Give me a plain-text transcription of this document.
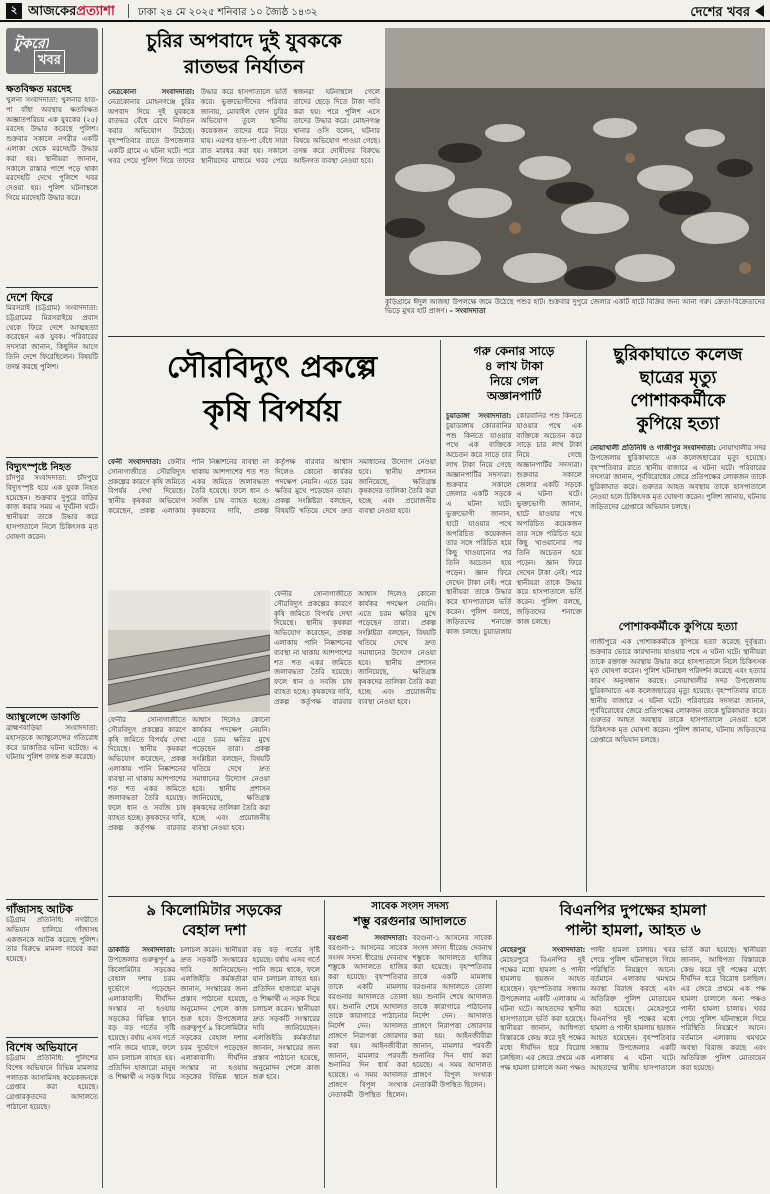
২ আজকেরপ্রত্যাশা ঢাকা ২৪ মে ২০২৫ শনিবার ১০ জ্যৈষ্ঠ ১৪৩২	দেশের খবর
টুকরো
খবর
ক্ষতবিক্ষত মরদেহ
খুলনা সংবাদদাতা: খুলনার হাত-পা বাঁধা অবস্থায় ক্ষতবিক্ষত অজ্ঞাতপরিচয় এক যুবকের (২৫) মরদেহ উদ্ধার করেছে পুলিশ। শুক্রবার সকালে নগরীর একটি এলাকা থেকে মরদেহটি উদ্ধার করা হয়। স্থানীয়রা জানান, সকালে রাস্তার পাশে পড়ে থাকা মরদেহটি দেখে পুলিশে খবর দেওয়া হয়। পুলিশ ঘটনাস্থলে গিয়ে মরদেহটি উদ্ধার করে।
দেশে ফিরে
মিরসরাই (চট্টগ্রাম) সংবাদদাতা: চট্টগ্রামের মিরসরাইয়ে প্রবাস থেকে ফিরে দেশে আত্মহত্যা করেছেন এক যুবক। পরিবারের সদস্যরা জানান, কিছুদিন আগে তিনি দেশে ফিরেছিলেন। বিষয়টি তদন্ত করছে পুলিশ।
বিদ্যুৎস্পৃষ্টে নিহত
চাঁদপুর সংবাদদাতা: চাঁদপুরে বিদ্যুৎস্পৃষ্ট হয়ে এক যুবক নিহত হয়েছেন। শুক্রবার দুপুরে বাড়ির কাজ করার সময় এ দুর্ঘটনা ঘটে। স্থানীয়রা তাকে উদ্ধার করে হাসপাতালে নিলে চিকিৎসক মৃত ঘোষণা করেন।
অ্যাম্বুলেন্সে ডাকাতি
ব্রাহ্মণবাড়িয়া সংবাদদাতা: মহাসড়কে অ্যাম্বুলেন্সের গতিরোধ করে ডাকাতির ঘটনা ঘটেছে। এ ঘটনায় পুলিশ তদন্ত শুরু করেছে।
গাঁজাসহ আটক
চট্টগ্রাম প্রতিনিধি: নগরীতে অভিযান চালিয়ে গাঁজাসহ একজনকে আটক করেছে পুলিশ। তার বিরুদ্ধে মামলা দায়ের করা হয়েছে।
বিশেষ অভিযানে
চট্টগ্রাম প্রতিনিধি: পুলিশের বিশেষ অভিযানে বিভিন্ন মামলার পলাতক আসামিসহ কয়েকজনকে গ্রেপ্তার করা হয়েছে। গ্রেপ্তারকৃতদের আদালতে পাঠানো হয়েছে।
চুরির অপবাদে দুই যুবককে
রাতভর নির্যাতন
নেত্রকোনা সংবাদদাতা: নেত্রকোনার মোহনগঞ্জে চুরির অপবাদ দিয়ে দুই যুবককে রাতভর বেঁধে রেখে নির্যাতন করার অভিযোগ উঠেছে। বৃহস্পতিবার রাতে উপজেলার একটি গ্রামে এ ঘটনা ঘটে। পরে খবর পেয়ে পুলিশ গিয়ে তাদের উদ্ধার করে হাসপাতালে ভর্তি করে। ভুক্তভোগীদের পরিবার জানায়, মোবাইল ফোন চুরির অভিযোগ তুলে স্থানীয় কয়েকজন তাদের ধরে নিয়ে যায়। এরপর হাত-পা বেঁধে সারা রাত মারধর করা হয়। সকালে স্থানীয়দের মাধ্যমে খবর পেয়ে স্বজনরা ঘটনাস্থলে গেলে তাদের ছেড়ে দিতে টাকা দাবি করা হয়। পরে পুলিশ এসে তাদের উদ্ধার করে। মোহনগঞ্জ থানার ওসি বলেন, ঘটনার বিষয়ে অভিযোগ পাওয়া গেছে। তদন্ত করে দোষীদের বিরুদ্ধে আইনগত ব্যবস্থা নেওয়া হবে।
কুড়িগ্রামে ঈদুল আজহা উপলক্ষে জমে উঠেছে পশুর হাট। শুক্রবার দুপুরে জেলার একটি হাটে বিক্রির জন্য আনা গরু। ক্রেতা-বিক্রেতাদের ভিড়ে মুখর হাট প্রাঙ্গণ। – সংবাদদাতা
সৌরবিদ্যুৎ প্রকল্পে
কৃষি বিপর্যয়
ফেনী সংবাদদাতা: ফেনীর সোনাগাজীতে সৌরবিদ্যুৎ প্রকল্পের কারণে কৃষি জমিতে বিপর্যয় দেখা দিয়েছে। স্থানীয় কৃষকরা অভিযোগ করেছেন, প্রকল্প এলাকায় পানি নিষ্কাশনের ব্যবস্থা না থাকায় আশপাশের শত শত একর জমিতে জলাবদ্ধতা তৈরি হয়েছে। ফলে ধান ও সবজি চাষ ব্যাহত হচ্ছে। কৃষকদের দাবি, প্রকল্প কর্তৃপক্ষ বারবার আশ্বাস দিলেও কোনো কার্যকর পদক্ষেপ নেয়নি। এতে চরম ক্ষতির মুখে পড়েছেন তারা। প্রকল্প সংশ্লিষ্টরা বলছেন, বিষয়টি খতিয়ে দেখে দ্রুত সমাধানের উদ্যোগ নেওয়া হবে। স্থানীয় প্রশাসন জানিয়েছে, ক্ষতিগ্রস্ত কৃষকদের তালিকা তৈরি করা হচ্ছে এবং প্রয়োজনীয় ব্যবস্থা নেওয়া হবে।
ফেনীর সোনাগাজীতে সৌরবিদ্যুৎ প্রকল্পের কারণে কৃষি জমিতে বিপর্যয় দেখা দিয়েছে। স্থানীয় কৃষকরা অভিযোগ করেছেন, প্রকল্প এলাকায় পানি নিষ্কাশনের ব্যবস্থা না থাকায় আশপাশের শত শত একর জমিতে জলাবদ্ধতা তৈরি হয়েছে। ফলে ধান ও সবজি চাষ ব্যাহত হচ্ছে। কৃষকদের দাবি, প্রকল্প কর্তৃপক্ষ বারবার আশ্বাস দিলেও কোনো কার্যকর পদক্ষেপ নেয়নি। এতে চরম ক্ষতির মুখে পড়েছেন তারা। প্রকল্প সংশ্লিষ্টরা বলছেন, বিষয়টি খতিয়ে দেখে দ্রুত সমাধানের উদ্যোগ নেওয়া হবে। স্থানীয় প্রশাসন জানিয়েছে, ক্ষতিগ্রস্ত কৃষকদের তালিকা তৈরি করা হচ্ছে এবং প্রয়োজনীয় ব্যবস্থা নেওয়া হবে।
ফেনীর সোনাগাজীতে সৌরবিদ্যুৎ প্রকল্পের কারণে কৃষি জমিতে বিপর্যয় দেখা দিয়েছে। স্থানীয় কৃষকরা অভিযোগ করেছেন, প্রকল্প এলাকায় পানি নিষ্কাশনের ব্যবস্থা না থাকায় আশপাশের শত শত একর জমিতে জলাবদ্ধতা তৈরি হয়েছে। ফলে ধান ও সবজি চাষ ব্যাহত হচ্ছে। কৃষকদের দাবি, প্রকল্প কর্তৃপক্ষ বারবার আশ্বাস দিলেও কোনো কার্যকর পদক্ষেপ নেয়নি। এতে চরম ক্ষতির মুখে পড়েছেন তারা। প্রকল্প সংশ্লিষ্টরা বলছেন, বিষয়টি খতিয়ে দেখে দ্রুত সমাধানের উদ্যোগ নেওয়া হবে। স্থানীয় প্রশাসন জানিয়েছে, ক্ষতিগ্রস্ত কৃষকদের তালিকা তৈরি করা হচ্ছে এবং প্রয়োজনীয় ব্যবস্থা নেওয়া হবে।
গরু কেনার সাড়ে
৪ লাখ টাকা
নিয়ে গেল
অজ্ঞানপার্টি
চুয়াডাঙ্গা সংবাদদাতা: চুয়াডাঙ্গায় কোরবানির পশু কিনতে যাওয়ার পথে এক ব্যক্তিকে অচেতন করে সাড়ে চার লাখ টাকা নিয়ে গেছে অজ্ঞানপার্টির সদস্যরা। শুক্রবার সকালে জেলার একটি সড়কে এ ঘটনা ঘটে। ভুক্তভোগী জানান, হাটে যাওয়ার পথে অপরিচিত কয়েকজন তার সঙ্গে পরিচিত হয়ে কিছু খাওয়ানোর পর তিনি অচেতন হয়ে পড়েন। জ্ঞান ফিরে দেখেন টাকা নেই। পরে স্থানীয়রা তাকে উদ্ধার করে হাসপাতালে ভর্তি করেন। পুলিশ বলছে, জড়িতদের শনাক্তে কাজ চলছে। চুয়াডাঙ্গায় কোরবানির পশু কিনতে যাওয়ার পথে এক ব্যক্তিকে অচেতন করে সাড়ে চার লাখ টাকা নিয়ে গেছে অজ্ঞানপার্টির সদস্যরা। শুক্রবার সকালে জেলার একটি সড়কে এ ঘটনা ঘটে। ভুক্তভোগী জানান, হাটে যাওয়ার পথে অপরিচিত কয়েকজন তার সঙ্গে পরিচিত হয়ে কিছু খাওয়ানোর পর তিনি অচেতন হয়ে পড়েন। জ্ঞান ফিরে দেখেন টাকা নেই। পরে স্থানীয়রা তাকে উদ্ধার করে হাসপাতালে ভর্তি করেন। পুলিশ বলছে, জড়িতদের শনাক্তে কাজ চলছে।
ছুরিকাঘাতে কলেজ
ছাত্রের মৃত্যু
পোশাককর্মীকে
কুপিয়ে হত্যা
নোয়াখালী প্রতিনিধি ও গাজীপুর সংবাদদাতা: নোয়াখালীর সদর উপজেলায় ছুরিকাঘাতে এক কলেজছাত্রের মৃত্যু হয়েছে। বৃহস্পতিবার রাতে স্থানীয় বাজারে এ ঘটনা ঘটে। পরিবারের সদস্যরা জানান, পূর্ববিরোধের জেরে প্রতিপক্ষের লোকজন তাকে ছুরিকাঘাত করে। গুরুতর আহত অবস্থায় তাকে হাসপাতালে নেওয়া হলে চিকিৎসক মৃত ঘোষণা করেন। পুলিশ জানায়, ঘটনায় জড়িতদের গ্রেপ্তারে অভিযান চলছে।
পোশাককর্মীকে কুপিয়ে হত্যা
গাজীপুরে এক পোশাককর্মীকে কুপিয়ে হত্যা করেছে দুর্বৃত্তরা। শুক্রবার ভোরে কারখানায় যাওয়ার পথে এ ঘটনা ঘটে। স্থানীয়রা তাকে রক্তাক্ত অবস্থায় উদ্ধার করে হাসপাতালে নিলে চিকিৎসক মৃত ঘোষণা করেন। পুলিশ ঘটনাস্থল পরিদর্শন করেছে এবং হত্যার কারণ অনুসন্ধান করছে। নোয়াখালীর সদর উপজেলায় ছুরিকাঘাতে এক কলেজছাত্রের মৃত্যু হয়েছে। বৃহস্পতিবার রাতে স্থানীয় বাজারে এ ঘটনা ঘটে। পরিবারের সদস্যরা জানান, পূর্ববিরোধের জেরে প্রতিপক্ষের লোকজন তাকে ছুরিকাঘাত করে। গুরুতর আহত অবস্থায় তাকে হাসপাতালে নেওয়া হলে চিকিৎসক মৃত ঘোষণা করেন। পুলিশ জানায়, ঘটনায় জড়িতদের গ্রেপ্তারে অভিযান চলছে।
৯ কিলোমিটার সড়কের
বেহাল দশা
ডাকাতি সংবাদদাতা: উপজেলার গুরুত্বপূর্ণ ৯ কিলোমিটার সড়কের বেহাল দশায় চরম দুর্ভোগে পড়েছেন এলাকাবাসী। দীর্ঘদিন সংস্কার না হওয়ায় সড়কের বিভিন্ন স্থানে বড় বড় গর্তের সৃষ্টি হয়েছে। বর্ষায় এসব গর্তে পানি জমে থাকে, ফলে যান চলাচল ব্যাহত হয়। প্রতিদিন হাজারো মানুষ ও শিক্ষার্থী এ সড়ক দিয়ে চলাচল করেন। স্থানীয়রা দ্রুত সড়কটি সংস্কারের দাবি জানিয়েছেন। এলজিইডি কর্মকর্তারা জানান, সংস্কারের জন্য প্রস্তাব পাঠানো হয়েছে, অনুমোদন পেলে কাজ শুরু হবে। উপজেলার গুরুত্বপূর্ণ ৯ কিলোমিটার সড়কের বেহাল দশায় চরম দুর্ভোগে পড়েছেন এলাকাবাসী। দীর্ঘদিন সংস্কার না হওয়ায় সড়কের বিভিন্ন স্থানে বড় বড় গর্তের সৃষ্টি হয়েছে। বর্ষায় এসব গর্তে পানি জমে থাকে, ফলে যান চলাচল ব্যাহত হয়। প্রতিদিন হাজারো মানুষ ও শিক্ষার্থী এ সড়ক দিয়ে চলাচল করেন। স্থানীয়রা দ্রুত সড়কটি সংস্কারের দাবি জানিয়েছেন। এলজিইডি কর্মকর্তারা জানান, সংস্কারের জন্য প্রস্তাব পাঠানো হয়েছে, অনুমোদন পেলে কাজ শুরু হবে।
সাবেক সংসদ সদস্য
শম্ভু বরগুনার আদালতে
বরগুনা সংবাদদাতা: বরগুনা-১ আসনের সাবেক সংসদ সদস্য ধীরেন্দ্র দেবনাথ শম্ভুকে আদালতে হাজির করা হয়েছে। বৃহস্পতিবার তাকে একটি মামলায় বরগুনার আদালতে তোলা হয়। শুনানি শেষে আদালত তাকে কারাগারে পাঠানোর নির্দেশ দেন। আদালত প্রাঙ্গণে নিরাপত্তা জোরদার করা হয়। আইনজীবীরা জানান, মামলার পরবর্তী শুনানির দিন ধার্য করা হয়েছে। এ সময় আদালত প্রাঙ্গণে বিপুল সংখ্যক নেতাকর্মী উপস্থিত ছিলেন। বরগুনা-১ আসনের সাবেক সংসদ সদস্য ধীরেন্দ্র দেবনাথ শম্ভুকে আদালতে হাজির করা হয়েছে। বৃহস্পতিবার তাকে একটি মামলায় বরগুনার আদালতে তোলা হয়। শুনানি শেষে আদালত তাকে কারাগারে পাঠানোর নির্দেশ দেন। আদালত প্রাঙ্গণে নিরাপত্তা জোরদার করা হয়। আইনজীবীরা জানান, মামলার পরবর্তী শুনানির দিন ধার্য করা হয়েছে। এ সময় আদালত প্রাঙ্গণে বিপুল সংখ্যক নেতাকর্মী উপস্থিত ছিলেন।
বিএনপির দুপক্ষের হামলা
পাল্টা হামলা, আহত ৬
মেহেরপুর সংবাদদাতা: মেহেরপুরে বিএনপির দুই পক্ষের মধ্যে হামলা ও পাল্টা হামলায় ছয়জন আহত হয়েছেন। বৃহস্পতিবার সন্ধ্যায় উপজেলার একটি এলাকায় এ ঘটনা ঘটে। আহতদের স্থানীয় হাসপাতালে ভর্তি করা হয়েছে। স্থানীয়রা জানান, আধিপত্য বিস্তারকে কেন্দ্র করে দুই পক্ষের মধ্যে দীর্ঘদিন ধরে বিরোধ চলছিল। এর জেরে প্রথমে এক পক্ষ হামলা চালালে অন্য পক্ষও পাল্টা হামলা চালায়। খবর পেয়ে পুলিশ ঘটনাস্থলে গিয়ে পরিস্থিতি নিয়ন্ত্রণে আনে। বর্তমানে এলাকায় থমথমে অবস্থা বিরাজ করছে এবং অতিরিক্ত পুলিশ মোতায়েন করা হয়েছে। মেহেরপুরে বিএনপির দুই পক্ষের মধ্যে হামলা ও পাল্টা হামলায় ছয়জন আহত হয়েছেন। বৃহস্পতিবার সন্ধ্যায় উপজেলার একটি এলাকায় এ ঘটনা ঘটে। আহতদের স্থানীয় হাসপাতালে ভর্তি করা হয়েছে। স্থানীয়রা জানান, আধিপত্য বিস্তারকে কেন্দ্র করে দুই পক্ষের মধ্যে দীর্ঘদিন ধরে বিরোধ চলছিল। এর জেরে প্রথমে এক পক্ষ হামলা চালালে অন্য পক্ষও পাল্টা হামলা চালায়। খবর পেয়ে পুলিশ ঘটনাস্থলে গিয়ে পরিস্থিতি নিয়ন্ত্রণে আনে। বর্তমানে এলাকায় থমথমে অবস্থা বিরাজ করছে এবং অতিরিক্ত পুলিশ মোতায়েন করা হয়েছে।
